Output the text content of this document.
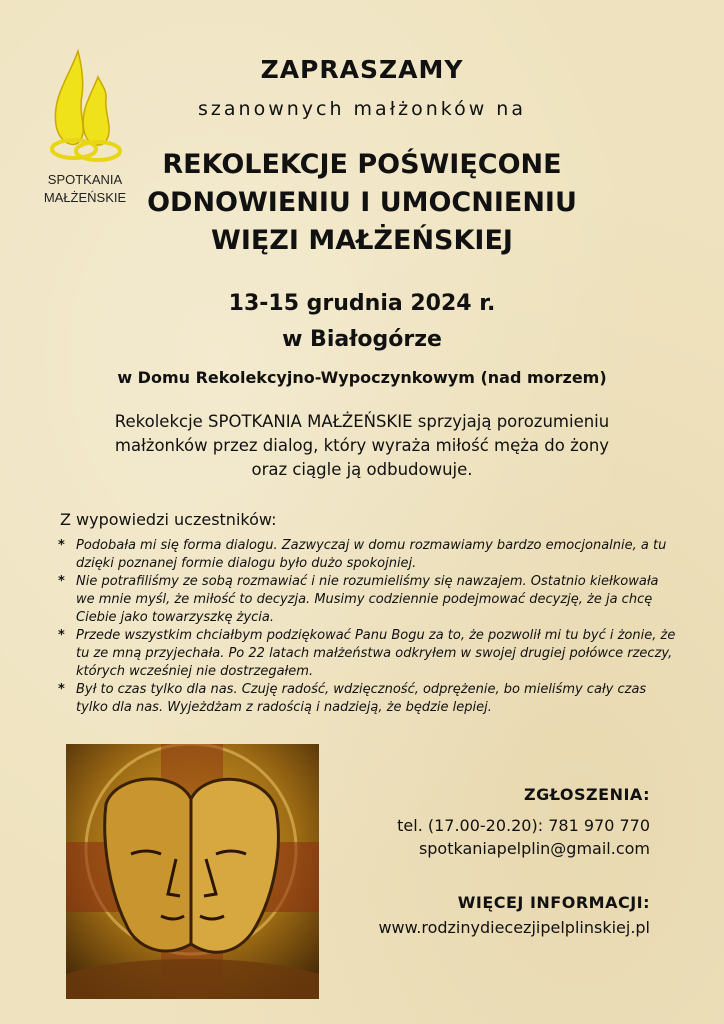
SPOTKANIA
MAŁŻEŃSKIE
ZAPRASZAMY
szanownych małżonków na
REKOLEKCJE POŚWIĘCONE
ODNOWIENIU I UMOCNIENIU
WIĘZI MAŁŻEŃSKIEJ
13-15 grudnia 2024 r.
w Białogórze
w Domu Rekolekcyjno-Wypoczynkowym (nad morzem)
Rekolekcje SPOTKANIA MAŁŻEŃSKIE sprzyjają porozumieniu
małżonków przez dialog, który wyraża miłość męża do żony
oraz ciągle ją odbudowuje.
Z wypowiedzi uczestników:
* Podobała mi się forma dialogu. Zazwyczaj w domu rozmawiamy bardzo emocjonalnie, a tu dzięki poznanej formie dialogu było dużo spokojniej.
* Nie potrafiliśmy ze sobą rozmawiać i nie rozumieliśmy się nawzajem. Ostatnio kiełkowała we mnie myśl, że miłość to decyzja. Musimy codziennie podejmować decyzję, że ja chcę Ciebie jako towarzyszkę życia.
* Przede wszystkim chciałbym podziękować Panu Bogu za to, że pozwolił mi tu być i żonie, że tu ze mną przyjechała. Po 22 latach małżeństwa odkryłem w swojej drugiej połówce rzeczy, których wcześniej nie dostrzegałem.
* Był to czas tylko dla nas. Czuję radość, wdzięczność, odprężenie, bo mieliśmy cały czas tylko dla nas. Wyjeżdżam z radością i nadzieją, że będzie lepiej.
ZGŁOSZENIA:
tel. (17.00-20.20): 781 970 770
spotkaniapelplin@gmail.com
WIĘCEJ INFORMACJI:
www.rodzinydiecezjipelplinskiej.pl
